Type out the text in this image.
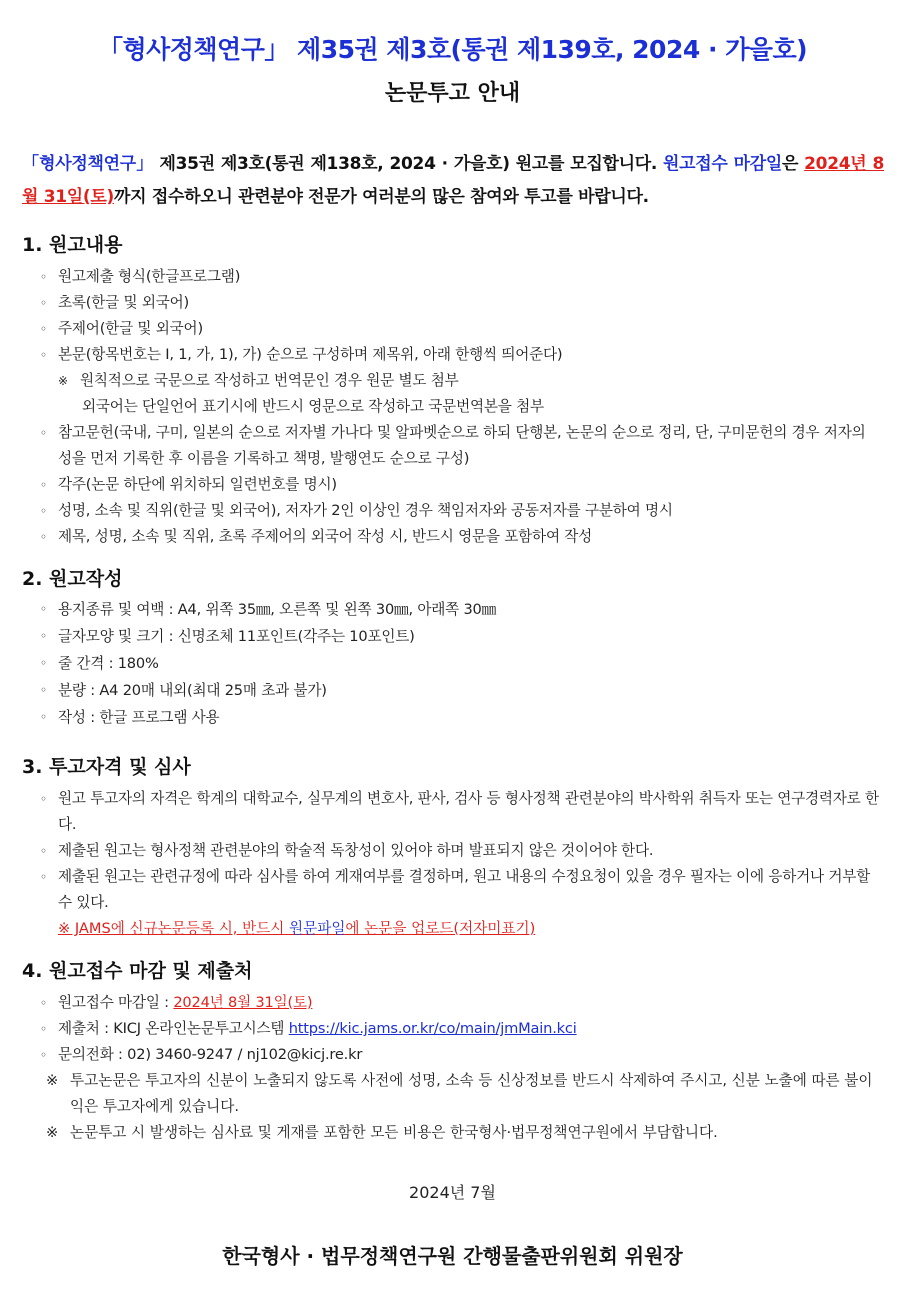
「형사정책연구」 제35권 제3호(통권 제139호, 2024 · 가을호)
논문투고 안내
「형사정책연구」 제35권 제3호(통권 제138호, 2024 · 가을호) 원고를 모집합니다. 원고접수 마감일은 2024년 8월 31일(토)까지 접수하오니 관련분야 전문가 여러분의 많은 참여와 투고를 바랍니다.
1. 원고내용
◦ 원고제출 형식(한글프로그램)
◦ 초록(한글 및 외국어)
◦ 주제어(한글 및 외국어)
◦ 본문(항목번호는 Ⅰ, 1, 가, 1), 가) 순으로 구성하며 제목위, 아래 한행씩 띄어준다)
※ 원칙적으로 국문으로 작성하고 번역문인 경우 원문 별도 첨부
외국어는 단일언어 표기시에 반드시 영문으로 작성하고 국문번역본을 첨부
◦ 참고문헌(국내, 구미, 일본의 순으로 저자별 가나다 및 알파벳순으로 하되 단행본, 논문의 순으로 정리, 단, 구미문헌의 경우 저자의 성을 먼저 기록한 후 이름을 기록하고 책명, 발행연도 순으로 구성)
◦ 각주(논문 하단에 위치하되 일련번호를 명시)
◦ 성명, 소속 및 직위(한글 및 외국어), 저자가 2인 이상인 경우 책임저자와 공동저자를 구분하여 명시
◦ 제목, 성명, 소속 및 직위, 초록 주제어의 외국어 작성 시, 반드시 영문을 포함하여 작성
2. 원고작성
◦ 용지종류 및 여백 : A4, 위쪽 35㎜, 오른쪽 및 왼쪽 30㎜, 아래쪽 30㎜
◦ 글자모양 및 크기 : 신명조체 11포인트(각주는 10포인트)
◦ 줄 간격 : 180%
◦ 분량 : A4 20매 내외(최대 25매 초과 불가)
◦ 작성 : 한글 프로그램 사용
3. 투고자격 및 심사
◦ 원고 투고자의 자격은 학계의 대학교수, 실무계의 변호사, 판사, 검사 등 형사정책 관련분야의 박사학위 취득자 또는 연구경력자로 한다.
◦ 제출된 원고는 형사정책 관련분야의 학술적 독창성이 있어야 하며 발표되지 않은 것이어야 한다.
◦ 제출된 원고는 관련규정에 따라 심사를 하여 게재여부를 결정하며, 원고 내용의 수정요청이 있을 경우 필자는 이에 응하거나 거부할 수 있다.
※ JAMS에 신규논문등록 시, 반드시 원문파일에 논문을 업로드(저자미표기)
4. 원고접수 마감 및 제출처
◦ 원고접수 마감일 : 2024년 8월 31일(토)
◦ 제출처 : KICJ 온라인논문투고시스템 https://kic.jams.or.kr/co/main/jmMain.kci
◦ 문의전화 : 02) 3460-9247 / nj102@kicj.re.kr
※ 투고논문은 투고자의 신분이 노출되지 않도록 사전에 성명, 소속 등 신상정보를 반드시 삭제하여 주시고, 신분 노출에 따른 불이익은 투고자에게 있습니다.
※ 논문투고 시 발생하는 심사료 및 게재를 포함한 모든 비용은 한국형사·법무정책연구원에서 부담합니다.
2024년 7월
한국형사 · 법무정책연구원 간행물출판위원회 위원장
